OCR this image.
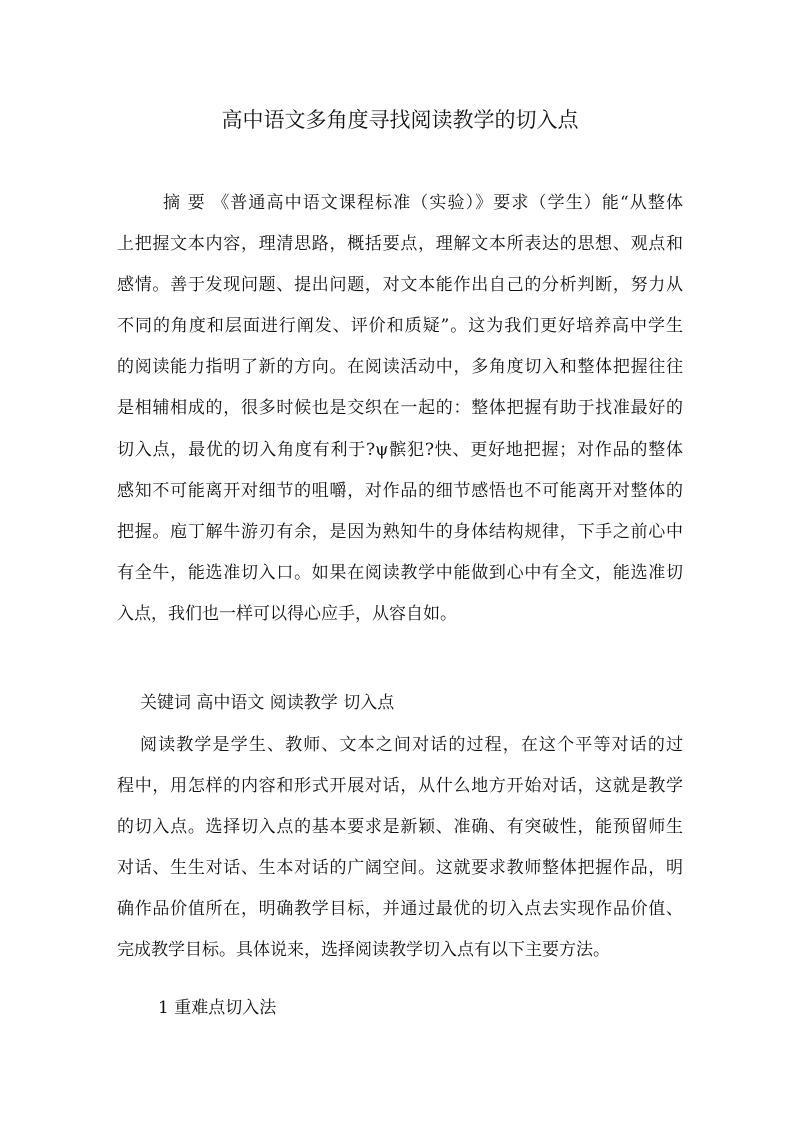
高中语文多角度寻找阅读教学的切入点
摘 要 《普通高中语文课程标准（实验）》要求（学生）能“从整体
上把握文本内容，理清思路，概括要点，理解文本所表达的思想、观点和
感情。善于发现问题、提出问题，对文本能作出自己的分析判断，努力从
不同的角度和层面进行阐发、评价和质疑”。这为我们更好培养高中学生
的阅读能力指明了新的方向。在阅读活动中，多角度切入和整体把握往往
是相辅相成的，很多时候也是交织在一起的：整体把握有助于找准最好的
切入点，最优的切入角度有利于?ψ髌犯?快、更好地把握；对作品的整体
感知不可能离开对细节的咀嚼，对作品的细节感悟也不可能离开对整体的
把握。庖丁解牛游刃有余，是因为熟知牛的身体结构规律，下手之前心中
有全牛，能选准切入口。如果在阅读教学中能做到心中有全文，能选准切
入点，我们也一样可以得心应手，从容自如。
关键词 高中语文 阅读教学 切入点
阅读教学是学生、教师、文本之间对话的过程，在这个平等对话的过
程中，用怎样的内容和形式开展对话，从什么地方开始对话，这就是教学
的切入点。选择切入点的基本要求是新颖、准确、有突破性，能预留师生
对话、生生对话、生本对话的广阔空间。这就要求教师整体把握作品，明
确作品价值所在，明确教学目标，并通过最优的切入点去实现作品价值、
完成教学目标。具体说来，选择阅读教学切入点有以下主要方法。
1 重难点切入法
